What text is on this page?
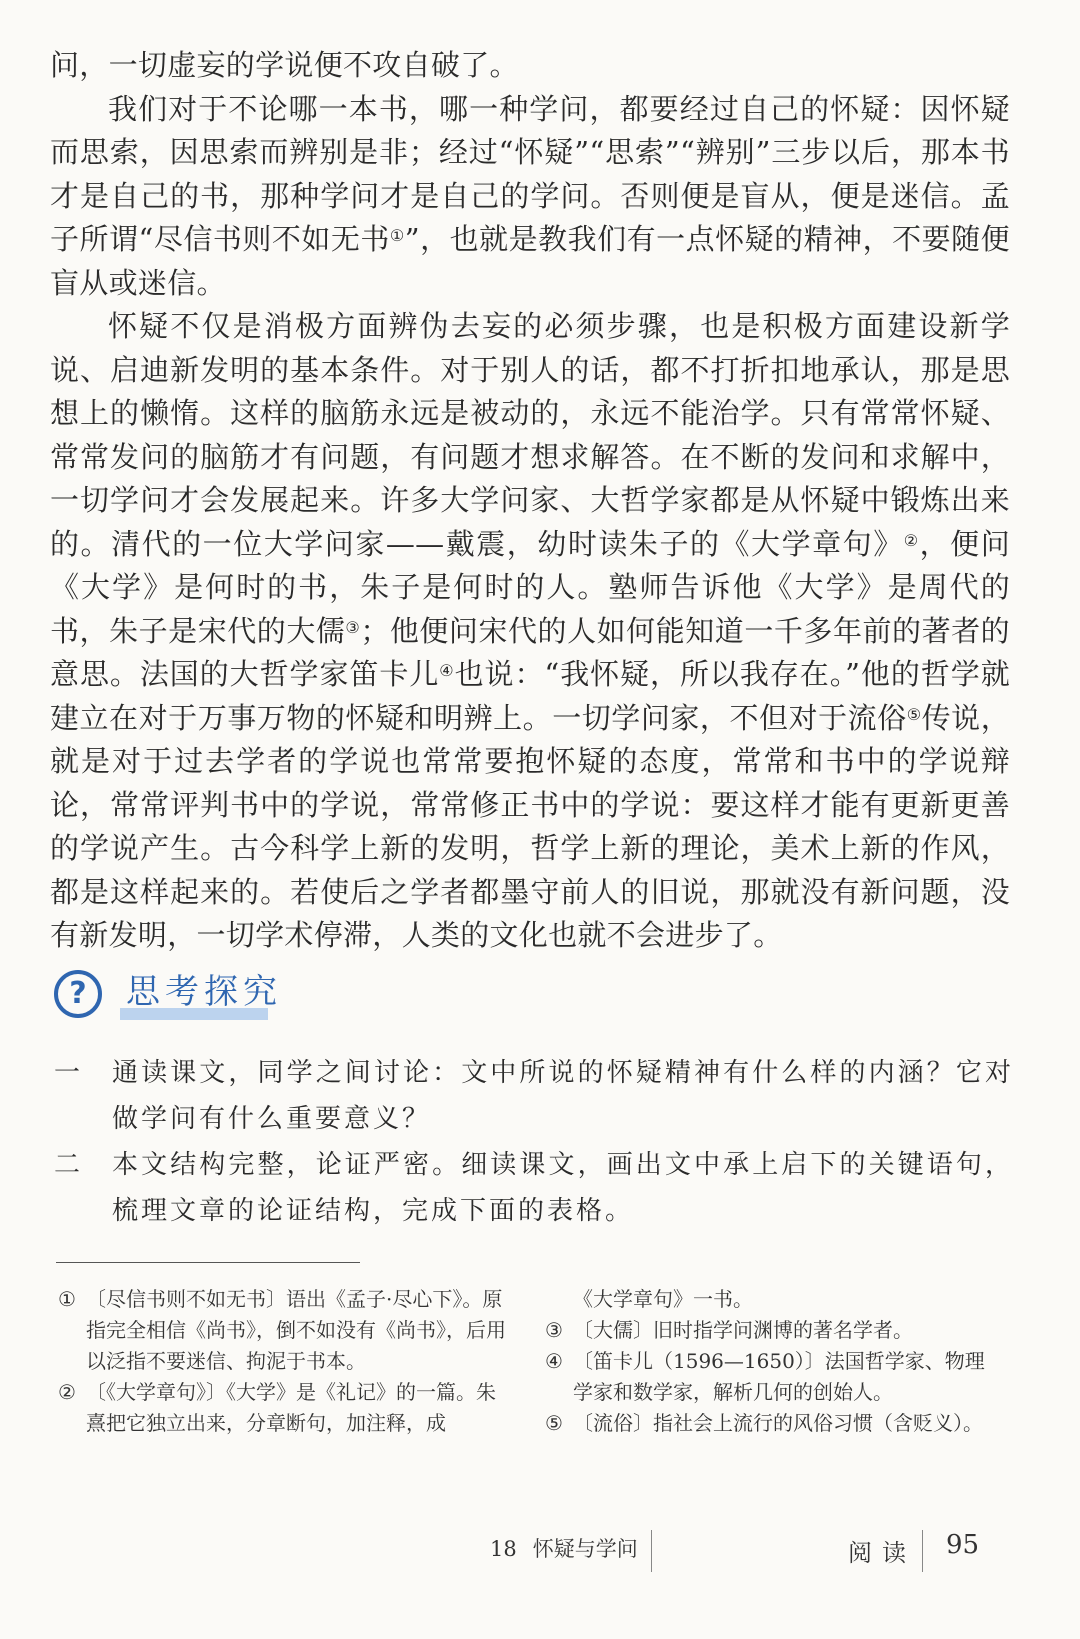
问，一切虚妄的学说便不攻自破了。

我们对于不论哪一本书，哪一种学问，都要经过自己的怀疑：因怀疑而思索，因思索而辨别是非；经过“怀疑”“思索”“辨别”三步以后，那本书才是自己的书，那种学问才是自己的学问。否则便是盲从，便是迷信。孟子所谓“尽信书则不如无书①”，也就是教我们有一点怀疑的精神，不要随便盲从或迷信。

怀疑不仅是消极方面辨伪去妄的必须步骤，也是积极方面建设新学说、启迪新发明的基本条件。对于别人的话，都不打折扣地承认，那是思想上的懒惰。这样的脑筋永远是被动的，永远不能治学。只有常常怀疑、常常发问的脑筋才有问题，有问题才想求解答。在不断的发问和求解中，一切学问才会发展起来。许多大学问家、大哲学家都是从怀疑中锻炼出来的。清代的一位大学问家——戴震，幼时读朱子的《大学章句》②，便问《大学》是何时的书，朱子是何时的人。塾师告诉他《大学》是周代的书，朱子是宋代的大儒③；他便问宋代的人如何能知道一千多年前的著者的意思。法国的大哲学家笛卡儿④也说：“我怀疑，所以我存在。”他的哲学就建立在对于万事万物的怀疑和明辨上。一切学问家，不但对于流俗⑤传说，就是对于过去学者的学说也常常要抱怀疑的态度，常常和书中的学说辩论，常常评判书中的学说，常常修正书中的学说：要这样才能有更新更善的学说产生。古今科学上新的发明，哲学上新的理论，美术上新的作风，都是这样起来的。若使后之学者都墨守前人的旧说，那就没有新问题，没有新发明，一切学术停滞，人类的文化也就不会进步了。

?	思考探究
一	通读课文，同学之间讨论：文中所说的怀疑精神有什么样的内涵？它对做学问有什么重要意义？
二	本文结构完整，论证严密。细读课文，画出文中承上启下的关键语句，梳理文章的论证结构，完成下面的表格。
① 〔尽信书则不如无书〕语出《孟子·尽心下》。原指完全相信《尚书》，倒不如没有《尚书》，后用以泛指不要迷信、拘泥于书本。
② 〔《大学章句》〕《大学》是《礼记》的一篇。朱熹把它独立出来，分章断句，加注释，成
《大学章句》一书。
③ 〔大儒〕旧时指学问渊博的著名学者。
④ 〔笛卡儿（1596—1650）〕法国哲学家、物理学家和数学家，解析几何的创始人。
⑤ 〔流俗〕指社会上流行的风俗习惯（含贬义）。
18 怀疑与学问	阅读 95
